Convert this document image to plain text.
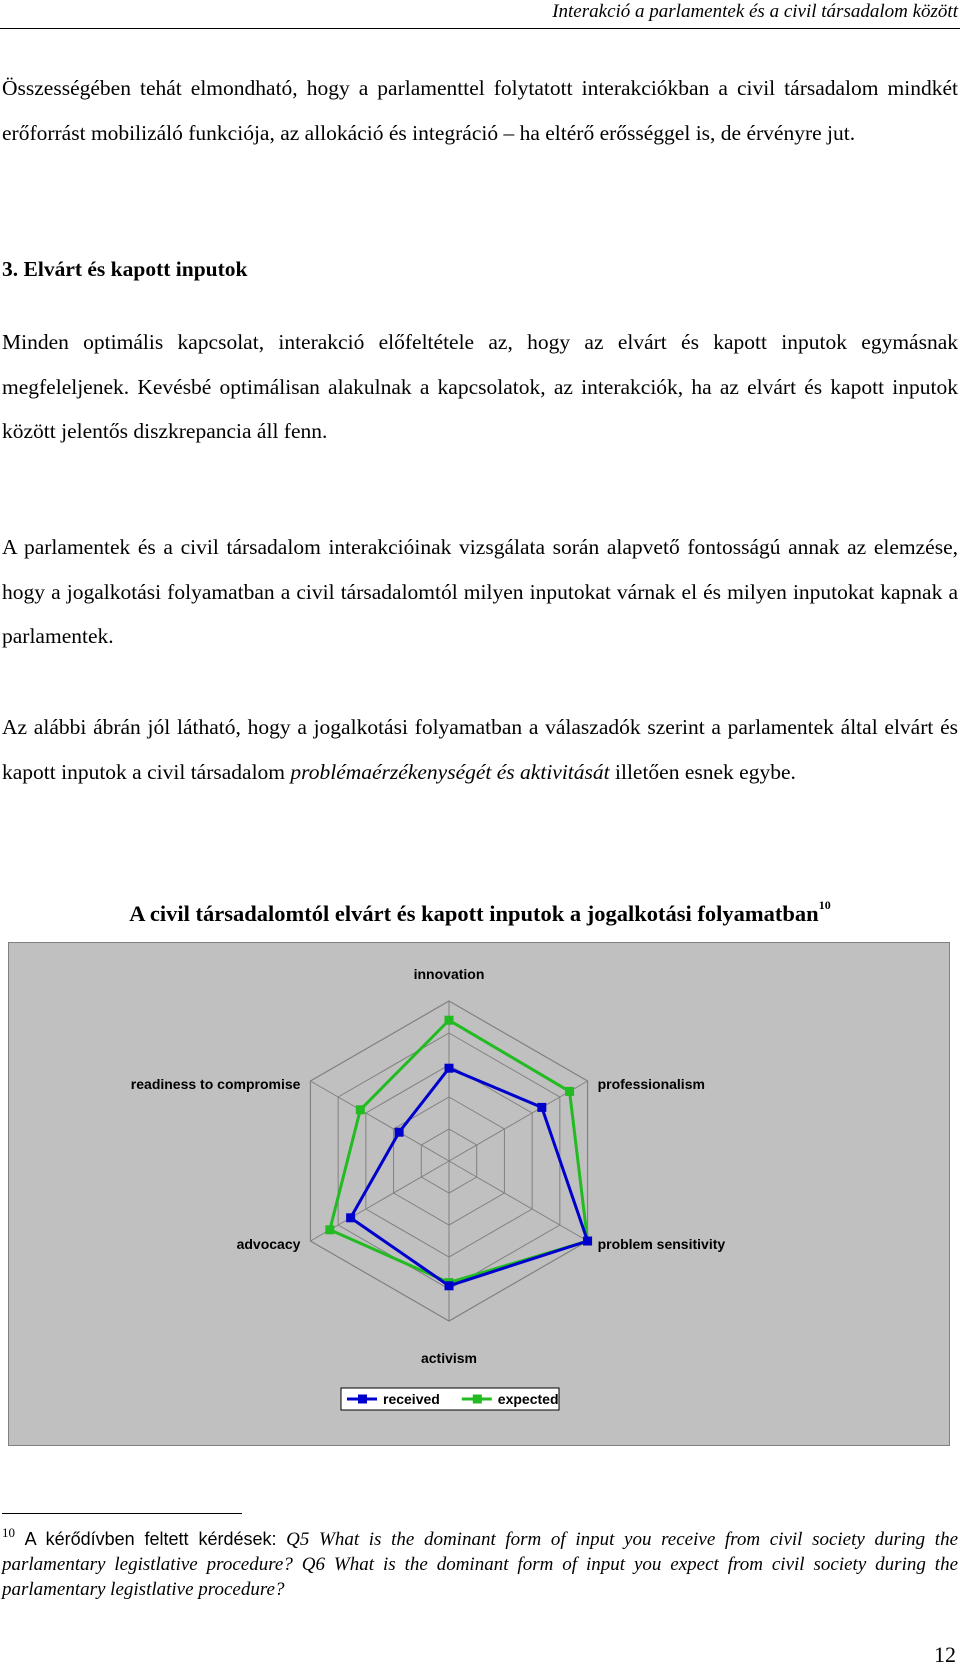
Interakció a parlamentek és a civil társadalom között

Összességében tehát elmondható, hogy a parlamenttel folytatott interakciókban a civil társadalom mindkét erőforrást mobilizáló funkciója, az allokáció és integráció – ha eltérő erősséggel is, de érvényre jut.

3. Elvárt és kapott inputok

Minden optimális kapcsolat, interakció előfeltétele az, hogy az elvárt és kapott inputok egymásnak megfeleljenek. Kevésbé optimálisan alakulnak a kapcsolatok, az interakciók, ha az elvárt és kapott inputok között jelentős diszkrepancia áll fenn.

A parlamentek és a civil társadalom interakcióinak vizsgálata során alapvető fontosságú annak az elemzése, hogy a jogalkotási folyamatban a civil társadalomtól milyen inputokat várnak el és milyen inputokat kapnak a parlamentek.

Az alábbi ábrán jól látható, hogy a jogalkotási folyamatban a válaszadók szerint a parlamentek által elvárt és kapott inputok a civil társadalom problémaérzékenységét és aktivitását illetően esnek egybe.

A civil társadalomtól elvárt és kapott inputok a jogalkotási folyamatban$^{10}$

innovation
professionalism
problem sensitivity
activism
advocacy
readiness to compromise
received	expected

$^{10}$ A kérődívben feltett kérdések: Q5 What is the dominant form of input you receive from civil society during the parlamentary legistlative procedure? Q6 What is the dominant form of input you expect from civil society during the parlamentary legistlative procedure?

12
